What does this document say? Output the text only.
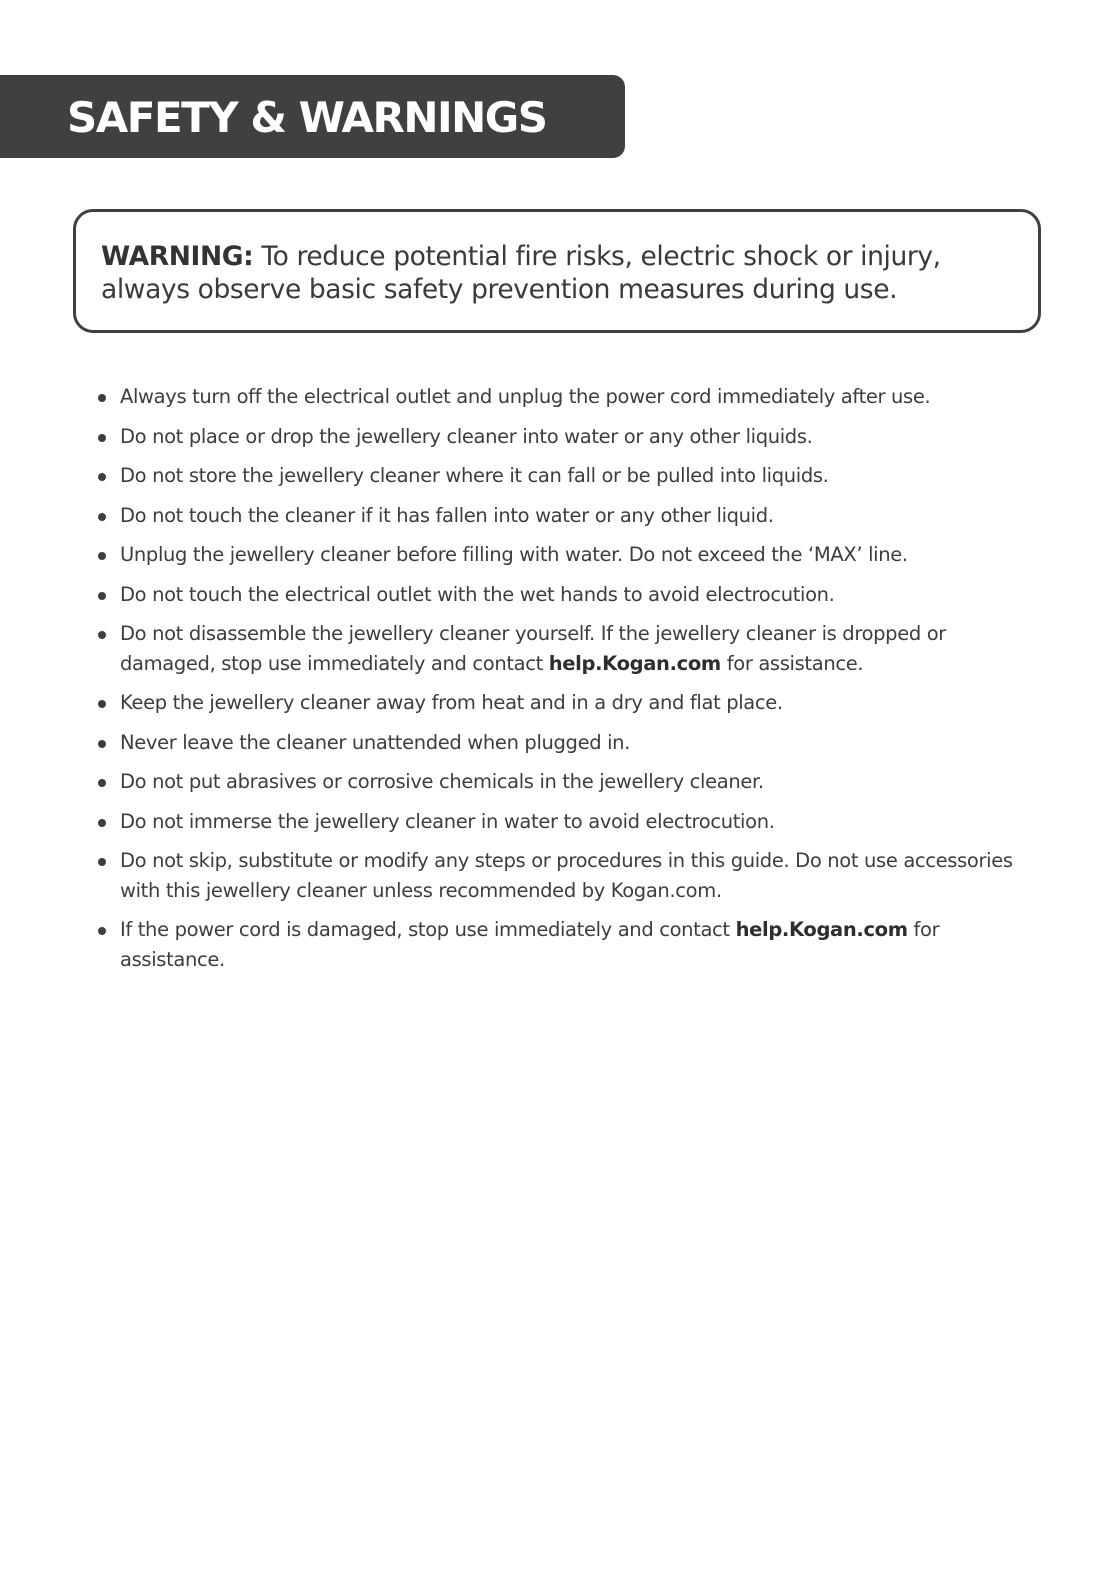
SAFETY & WARNINGS
WARNING: To reduce potential fire risks, electric shock or injury, always observe basic safety prevention measures during use.
Always turn off the electrical outlet and unplug the power cord immediately after use.
Do not place or drop the jewellery cleaner into water or any other liquids.
Do not store the jewellery cleaner where it can fall or be pulled into liquids.
Do not touch the cleaner if it has fallen into water or any other liquid.
Unplug the jewellery cleaner before filling with water. Do not exceed the ‘MAX’ line.
Do not touch the electrical outlet with the wet hands to avoid electrocution.
Do not disassemble the jewellery cleaner yourself. If the jewellery cleaner is dropped or damaged, stop use immediately and contact help.Kogan.com for assistance.
Keep the jewellery cleaner away from heat and in a dry and flat place.
Never leave the cleaner unattended when plugged in.
Do not put abrasives or corrosive chemicals in the jewellery cleaner.
Do not immerse the jewellery cleaner in water to avoid electrocution.
Do not skip, substitute or modify any steps or procedures in this guide. Do not use accessories with this jewellery cleaner unless recommended by Kogan.com.
If the power cord is damaged, stop use immediately and contact help.Kogan.com for assistance.
